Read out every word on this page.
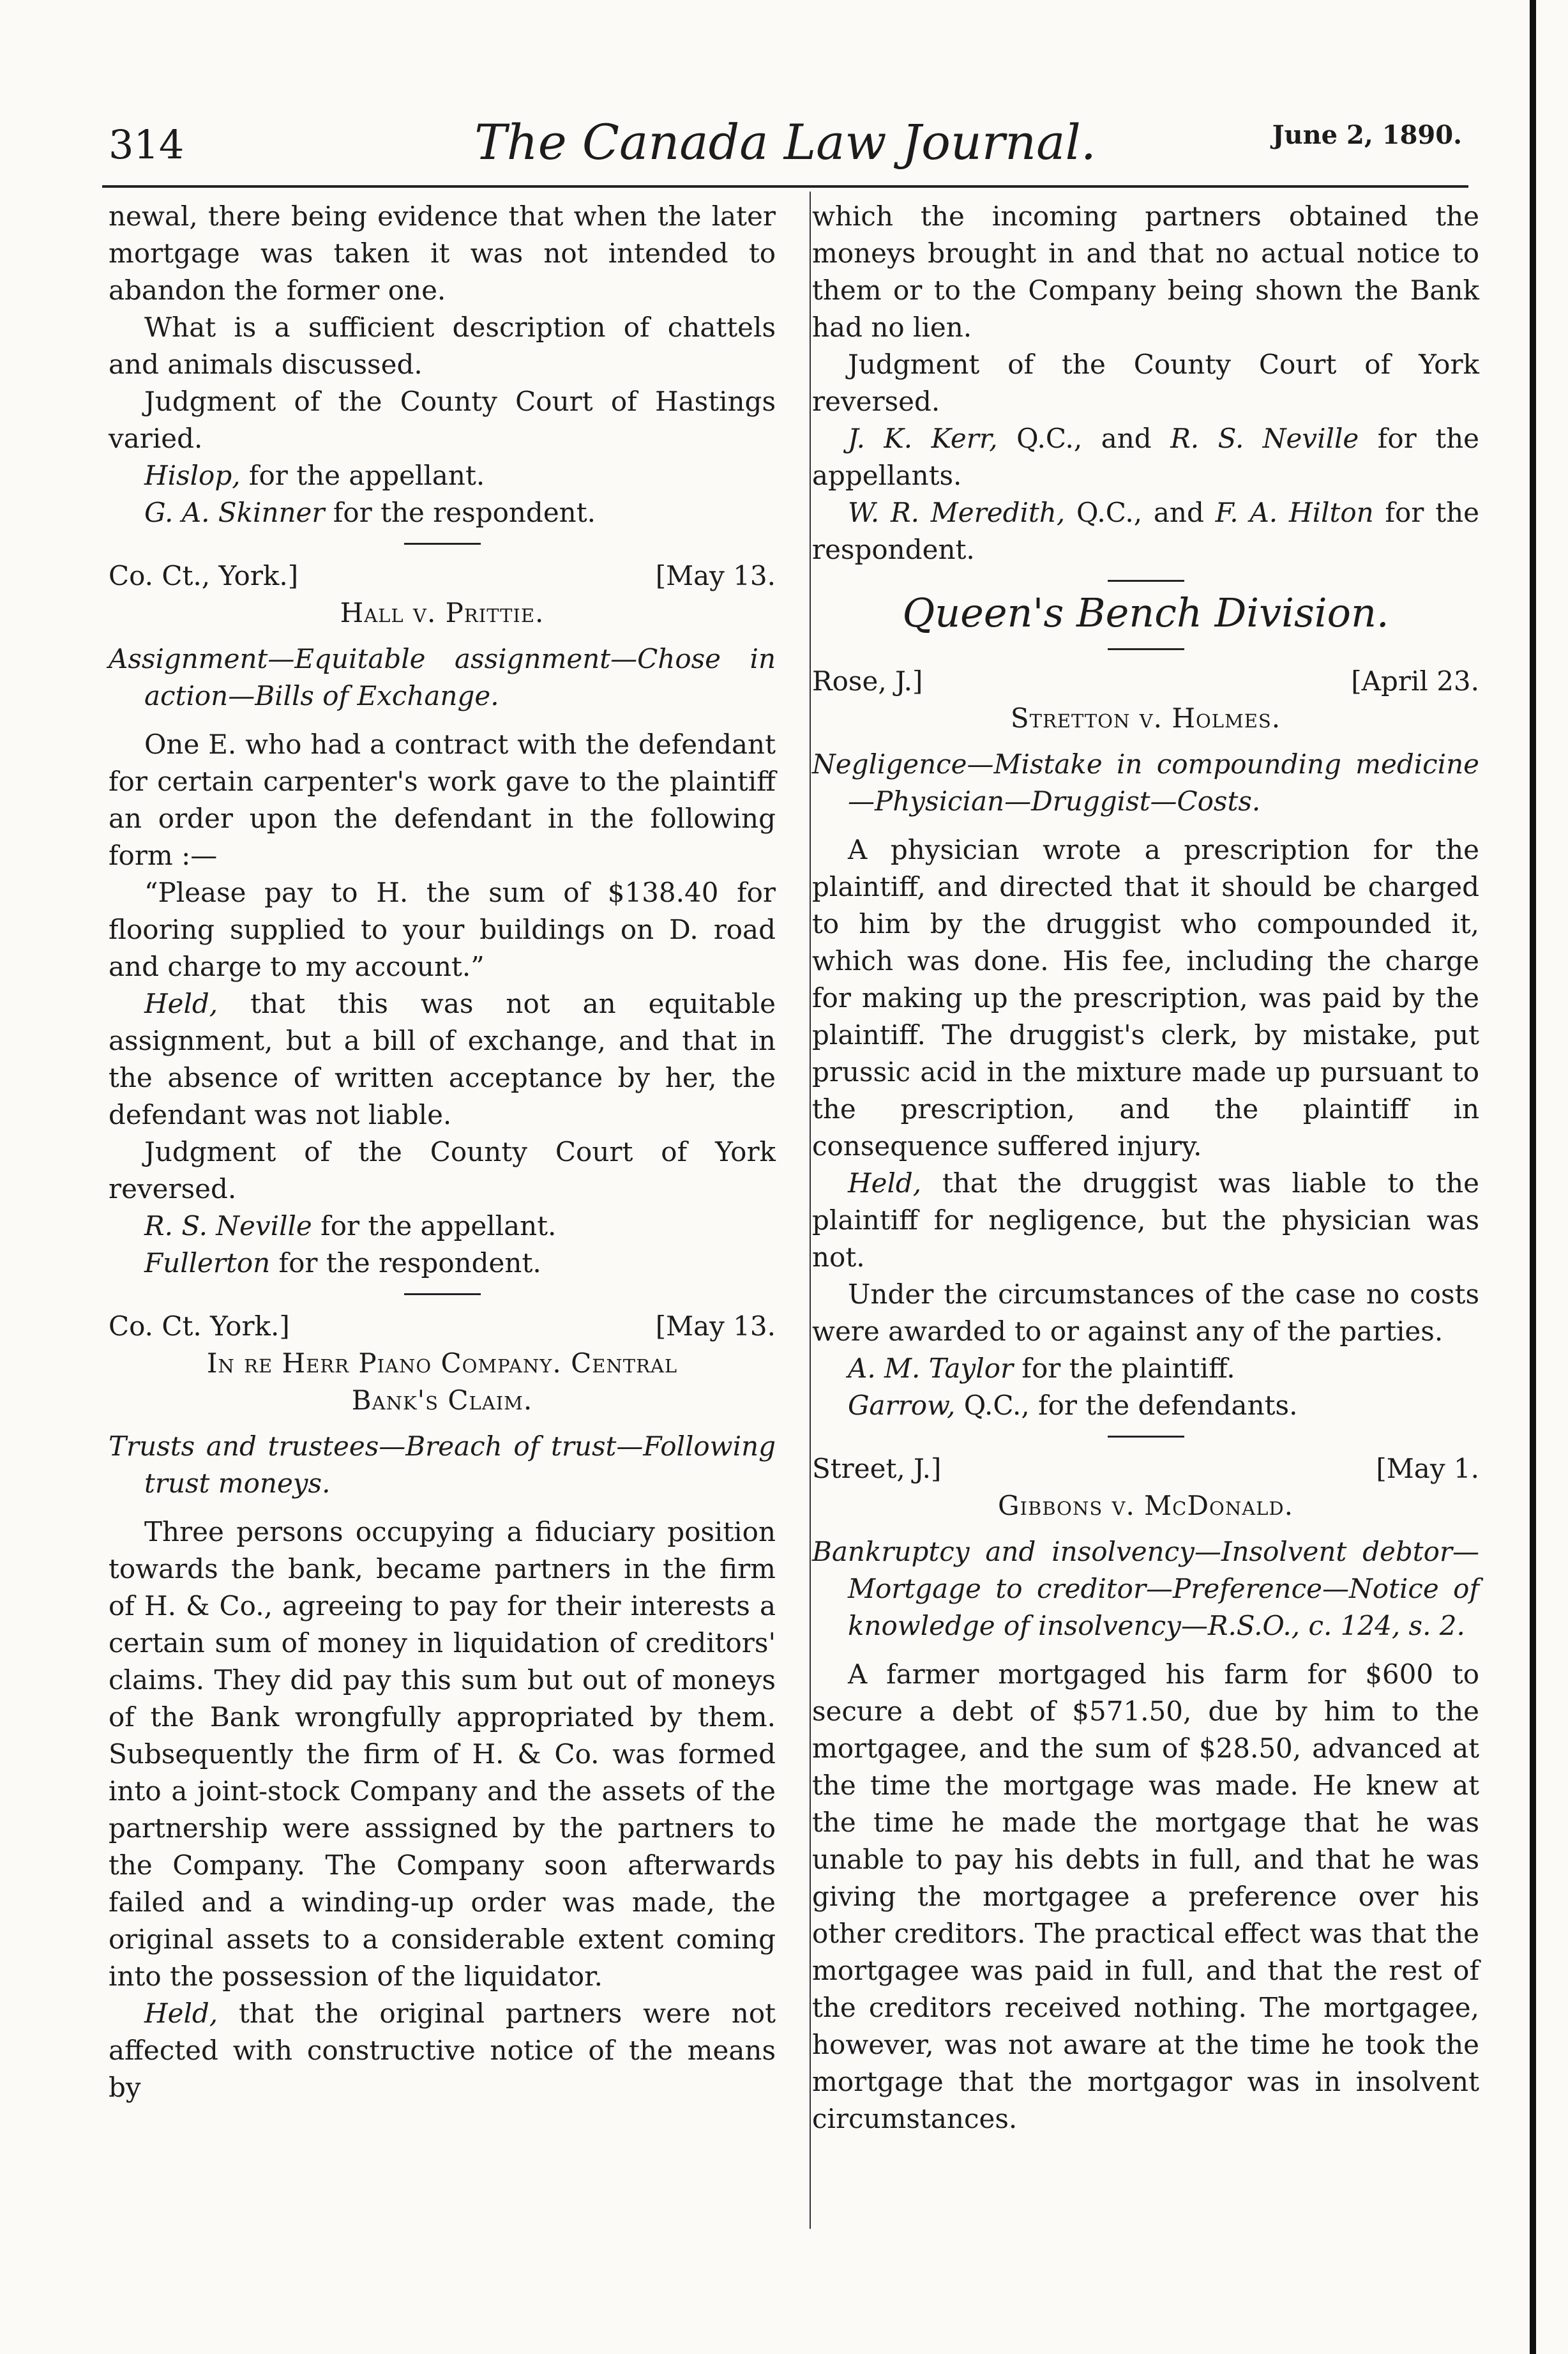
314	The Canada Law Journal.	June 2, 1890.

newal, there being evidence that when the later mortgage was taken it was not intended to abandon the former one.

What is a sufficient description of chattels and animals discussed.

Judgment of the County Court of Hastings varied.

Hislop, for the appellant.

G. A. Skinner for the respondent.

Co. Ct., York.]	[May 13.

Hall v. Prittie.

Assignment—Equitable assignment—Chose in action—Bills of Exchange.

One E. who had a contract with the defendant for certain carpenter's work gave to the plaintiff an order upon the defendant in the following form :—

“Please pay to H. the sum of $138.40 for flooring supplied to your buildings on D. road and charge to my account.”

Held, that this was not an equitable assignment, but a bill of exchange, and that in the absence of written acceptance by her, the defendant was not liable.

Judgment of the County Court of York reversed.

R. S. Neville for the appellant.

Fullerton for the respondent.

Co. Ct. York.]	[May 13.

In re Herr Piano Company. Central

Bank's Claim.

Trusts and trustees—Breach of trust—Following trust moneys.

Three persons occupying a fiduciary position towards the bank, became partners in the firm of H. & Co., agreeing to pay for their interests a certain sum of money in liquidation of creditors' claims. They did pay this sum but out of moneys of the Bank wrongfully appropriated by them. Subsequently the firm of H. & Co. was formed into a joint-stock Company and the assets of the partnership were asssigned by the partners to the Company. The Company soon afterwards failed and a winding-up order was made, the original assets to a considerable extent coming into the possession of the liquidator.

Held, that the original partners were not affected with constructive notice of the means by

which the incoming partners obtained the moneys brought in and that no actual notice to them or to the Company being shown the Bank had no lien.

Judgment of the County Court of York reversed.

J. K. Kerr, Q.C., and R. S. Neville for the appellants.

W. R. Meredith, Q.C., and F. A. Hilton for the respondent.

Queen's Bench Division.
Rose, J.]	[April 23.

Stretton v. Holmes.

Negligence—Mistake in compounding medicine—Physician—Druggist—Costs.

A physician wrote a prescription for the plaintiff, and directed that it should be charged to him by the druggist who compounded it, which was done. His fee, including the charge for making up the prescription, was paid by the plaintiff. The druggist's clerk, by mistake, put prussic acid in the mixture made up pursuant to the prescription, and the plaintiff in consequence suffered injury.

Held, that the druggist was liable to the plaintiff for negligence, but the physician was not.

Under the circumstances of the case no costs were awarded to or against any of the parties.

A. M. Taylor for the plaintiff.

Garrow, Q.C., for the defendants.

Street, J.]	[May 1.

Gibbons v. McDonald.

Bankruptcy and insolvency—Insolvent debtor—Mortgage to creditor—Preference—Notice of knowledge of insolvency—R.S.O., c. 124, s. 2.

A farmer mortgaged his farm for $600 to secure a debt of $571.50, due by him to the mortgagee, and the sum of $28.50, advanced at the time the mortgage was made. He knew at the time he made the mortgage that he was unable to pay his debts in full, and that he was giving the mortgagee a preference over his other creditors. The practical effect was that the mortgagee was paid in full, and that the rest of the creditors received nothing. The mortgagee, however, was not aware at the time he took the mortgage that the mortgagor was in insolvent circumstances.
